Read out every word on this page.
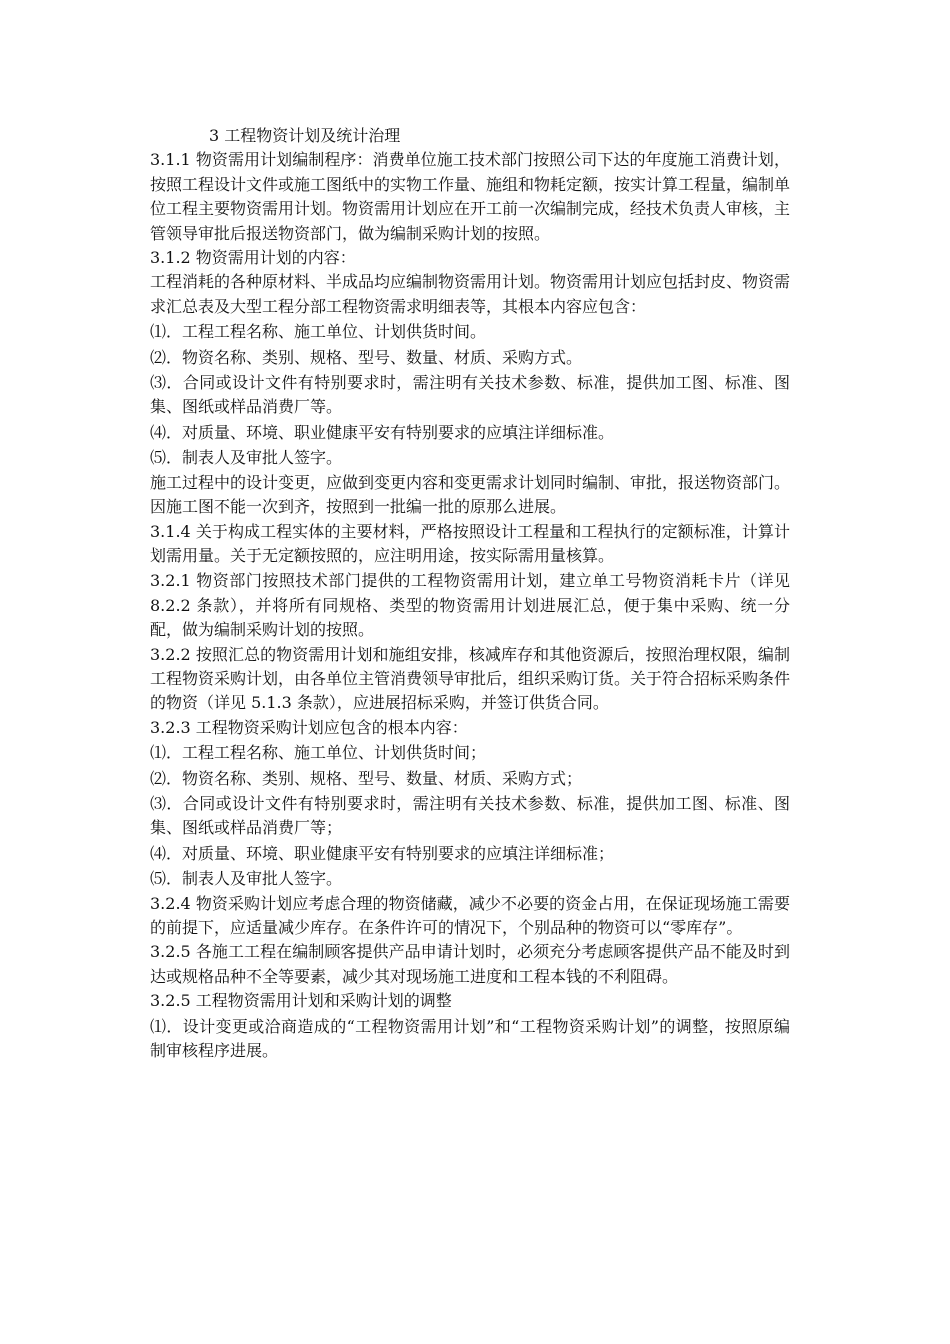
3 工程物资计划及统计治理

3.1.1 物资需用计划编制程序：消费单位施工技术部门按照公司下达的年度施工消费计划，按照工程设计文件或施工图纸中的实物工作量、施组和物耗定额，按实计算工程量，编制单位工程主要物资需用计划。物资需用计划应在开工前一次编制完成，经技术负责人审核，主管领导审批后报送物资部门，做为编制采购计划的按照。

3.1.2 物资需用计划的内容：

工程消耗的各种原材料、半成品均应编制物资需用计划。物资需用计划应包括封皮、物资需求汇总表及大型工程分部工程物资需求明细表等，其根本内容应包含：

⑴．工程工程名称、施工单位、计划供货时间。

⑵．物资名称、类别、规格、型号、数量、材质、采购方式。

⑶．合同或设计文件有特别要求时，需注明有关技术参数、标准，提供加工图、标准、图集、图纸或样品消费厂等。

⑷．对质量、环境、职业健康平安有特别要求的应填注详细标准。

⑸．制表人及审批人签字。

施工过程中的设计变更，应做到变更内容和变更需求计划同时编制、审批，报送物资部门。因施工图不能一次到齐，按照到一批编一批的原那么进展。

3.1.4 关于构成工程实体的主要材料，严格按照设计工程量和工程执行的定额标准，计算计划需用量。关于无定额按照的，应注明用途，按实际需用量核算。

3.2.1 物资部门按照技术部门提供的工程物资需用计划，建立单工号物资消耗卡片（详见 8.2.2 条款），并将所有同规格、类型的物资需用计划进展汇总，便于集中采购、统一分配，做为编制采购计划的按照。

3.2.2 按照汇总的物资需用计划和施组安排，核减库存和其他资源后，按照治理权限，编制工程物资采购计划，由各单位主管消费领导审批后，组织采购订货。关于符合招标采购条件的物资（详见 5.1.3 条款），应进展招标采购，并签订供货合同。

3.2.3 工程物资采购计划应包含的根本内容：

⑴．工程工程名称、施工单位、计划供货时间；

⑵．物资名称、类别、规格、型号、数量、材质、采购方式；

⑶．合同或设计文件有特别要求时，需注明有关技术参数、标准，提供加工图、标准、图集、图纸或样品消费厂等；

⑷．对质量、环境、职业健康平安有特别要求的应填注详细标准；

⑸．制表人及审批人签字。

3.2.4 物资采购计划应考虑合理的物资储藏，减少不必要的资金占用，在保证现场施工需要的前提下，应适量减少库存。在条件许可的情况下，个别品种的物资可以“零库存”。

3.2.5 各施工工程在编制顾客提供产品申请计划时，必须充分考虑顾客提供产品不能及时到达或规格品种不全等要素，减少其对现场施工进度和工程本钱的不利阻碍。

3.2.5 工程物资需用计划和采购计划的调整

⑴．设计变更或洽商造成的“工程物资需用计划”和“工程物资采购计划”的调整，按照原编制审核程序进展。
